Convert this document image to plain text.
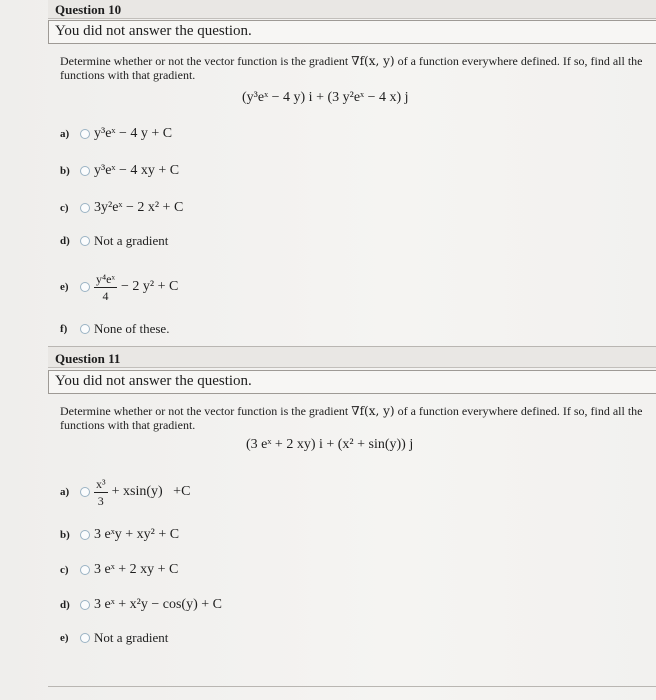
Question 10
You did not answer the question.
Determine whether or not the vector function is the gradient ∇f(x, y) of a function everywhere defined. If so, find all the functions with that gradient.
(y³eˣ − 4 y) i + (3 y²eˣ − 4 x) j
a)	y³eˣ − 4 y + C
b)	y³eˣ − 4 xy + C
c)	3y²eˣ − 2 x² + C
d)	Not a gradient
e)	$\frac{\text{y⁴eˣ}}{4} - 2$ y² + C
f)	None of these.
Question 11
You did not answer the question.
Determine whether or not the vector function is the gradient ∇f(x, y) of a function everywhere defined. If so, find all the functions with that gradient.
(3 eˣ + 2 xy) i + (x² + sin(y)) j
a)	$\frac{\text{x³}}{3} + xsin(y) +C$
b)	3 eˣy + xy² + C
c)	3 eˣ + 2 xy + C
d)	3 eˣ + x²y − cos(y) + C
e)	Not a gradient
